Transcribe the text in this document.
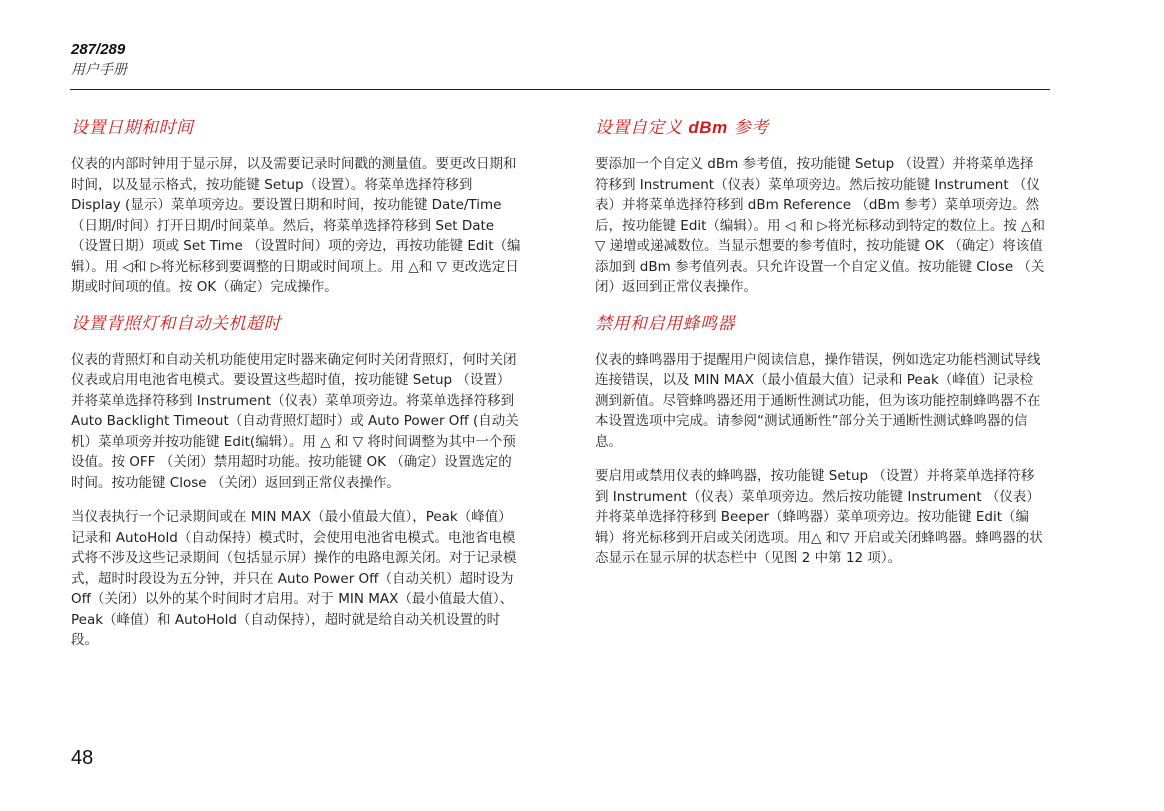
287/289
用户手册
设置日期和时间

仪表的内部时钟用于显示屏，以及需要记录时间戳的测量值。要更改日期和时间，以及显示格式，按功能键 Setup（设置）。将菜单选择符移到 Display (显示）菜单项旁边。要设置日期和时间，按功能键 Date/Time （日期/时间）打开日期/时间菜单。然后，将菜单选择符移到 Set Date （设置日期）项或 Set Time （设置时间）项的旁边，再按功能键 Edit（编辑）。用 ◁和 ▷将光标移到要调整的日期或时间项上。用 △和 ▽ 更改选定日期或时间项的值。按 OK（确定）完成操作。

设置背照灯和自动关机超时

仪表的背照灯和自动关机功能使用定时器来确定何时关闭背照灯，何时关闭仪表或启用电池省电模式。要设置这些超时值，按功能键 Setup （设置）并将菜单选择符移到 Instrument（仪表）菜单项旁边。将菜单选择符移到Auto Backlight Timeout（自动背照灯超时）或 Auto Power Off (自动关机）菜单项旁并按功能键 Edit(编辑）。用 △ 和 ▽ 将时间调整为其中一个预设值。按 OFF （关闭）禁用超时功能。按功能键 OK （确定）设置选定的时间。按功能键 Close （关闭）返回到正常仪表操作。

当仪表执行一个记录期间或在 MIN MAX（最小值最大值），Peak（峰值）记录和 AutoHold（自动保持）模式时，会使用电池省电模式。电池省电模式将不涉及这些记录期间（包括显示屏）操作的电路电源关闭。对于记录模式，超时时段设为五分钟，并只在 Auto Power Off（自动关机）超时设为 Off（关闭）以外的某个时间时才启用。对于 MIN MAX（最小值最大值）、Peak（峰值）和 AutoHold（自动保持），超时就是给自动关机设置的时段。

设置自定义 dBm 参考

要添加一个自定义 dBm 参考值，按功能键 Setup （设置）并将菜单选择符移到 Instrument（仪表）菜单项旁边。然后按功能键 Instrument （仪表）并将菜单选择符移到 dBm Reference （dBm 参考）菜单项旁边。然后，按功能键 Edit（编辑）。用 ◁ 和 ▷将光标移动到特定的数位上。按 △和 ▽ 递增或递减数位。当显示想要的参考值时，按功能键 OK （确定）将该值添加到 dBm 参考值列表。只允许设置一个自定义值。按功能键 Close （关闭）返回到正常仪表操作。

禁用和启用蜂鸣器

仪表的蜂鸣器用于提醒用户阅读信息，操作错误，例如选定功能档测试导线连接错误，以及 MIN MAX（最小值最大值）记录和 Peak（峰值）记录检测到新值。尽管蜂鸣器还用于通断性测试功能，但为该功能控制蜂鸣器不在本设置选项中完成。请参阅“测试通断性”部分关于通断性测试蜂鸣器的信息。

要启用或禁用仪表的蜂鸣器，按功能键 Setup （设置）并将菜单选择符移到 Instrument（仪表）菜单项旁边。然后按功能键 Instrument （仪表）并将菜单选择符移到 Beeper（蜂鸣器）菜单项旁边。按功能键 Edit（编辑）将光标移到开启或关闭选项。用△ 和▽ 开启或关闭蜂鸣器。蜂鸣器的状态显示在显示屏的状态栏中（见图 2 中第 12 项）。

48
